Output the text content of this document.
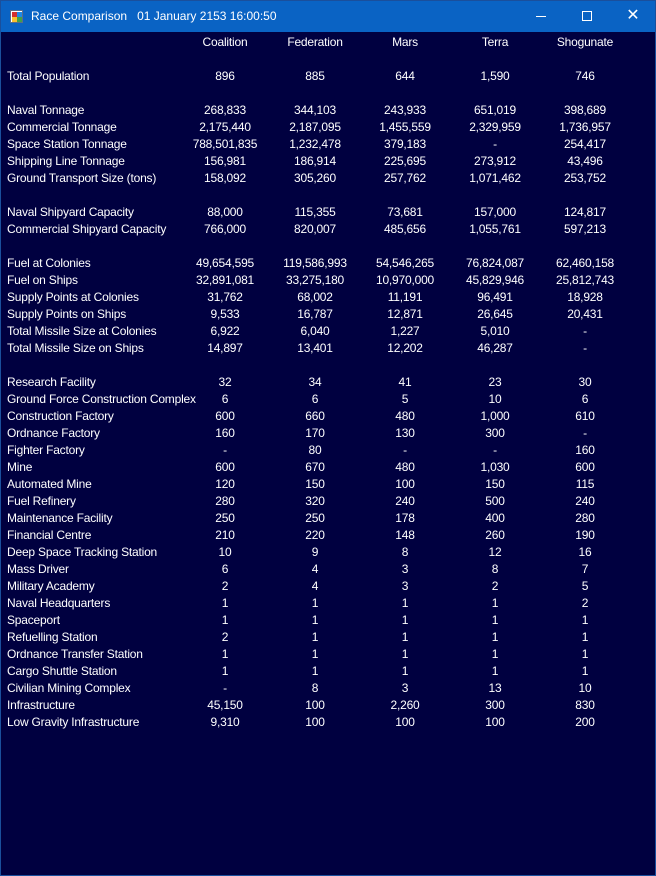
Race Comparison 01 January 2153 16:00:50	✕
Coalition	Federation	Mars	Terra	Shogunate
Total Population	896	885	644	1,590	746
Naval Tonnage	268,833	344,103	243,933	651,019	398,689
Commercial Tonnage	2,175,440	2,187,095	1,455,559	2,329,959	1,736,957
Space Station Tonnage	788,501,835	1,232,478	379,183	-	254,417
Shipping Line Tonnage	156,981	186,914	225,695	273,912	43,496
Ground Transport Size (tons)	158,092	305,260	257,762	1,071,462	253,752
Naval Shipyard Capacity	88,000	115,355	73,681	157,000	124,817
Commercial Shipyard Capacity	766,000	820,007	485,656	1,055,761	597,213
Fuel at Colonies	49,654,595	119,586,993	54,546,265	76,824,087	62,460,158
Fuel on Ships	32,891,081	33,275,180	10,970,000	45,829,946	25,812,743
Supply Points at Colonies	31,762	68,002	11,191	96,491	18,928
Supply Points on Ships	9,533	16,787	12,871	26,645	20,431
Total Missile Size at Colonies	6,922	6,040	1,227	5,010	-
Total Missile Size on Ships	14,897	13,401	12,202	46,287	-
Research Facility	32	34	41	23	30
Ground Force Construction Complex	6	6	5	10	6
Construction Factory	600	660	480	1,000	610
Ordnance Factory	160	170	130	300	-
Fighter Factory	-	80	-	-	160
Mine	600	670	480	1,030	600
Automated Mine	120	150	100	150	115
Fuel Refinery	280	320	240	500	240
Maintenance Facility	250	250	178	400	280
Financial Centre	210	220	148	260	190
Deep Space Tracking Station	10	9	8	12	16
Mass Driver	6	4	3	8	7
Military Academy	2	4	3	2	5
Naval Headquarters	1	1	1	1	2
Spaceport	1	1	1	1	1
Refuelling Station	2	1	1	1	1
Ordnance Transfer Station	1	1	1	1	1
Cargo Shuttle Station	1	1	1	1	1
Civilian Mining Complex	-	8	3	13	10
Infrastructure	45,150	100	2,260	300	830
Low Gravity Infrastructure	9,310	100	100	100	200
